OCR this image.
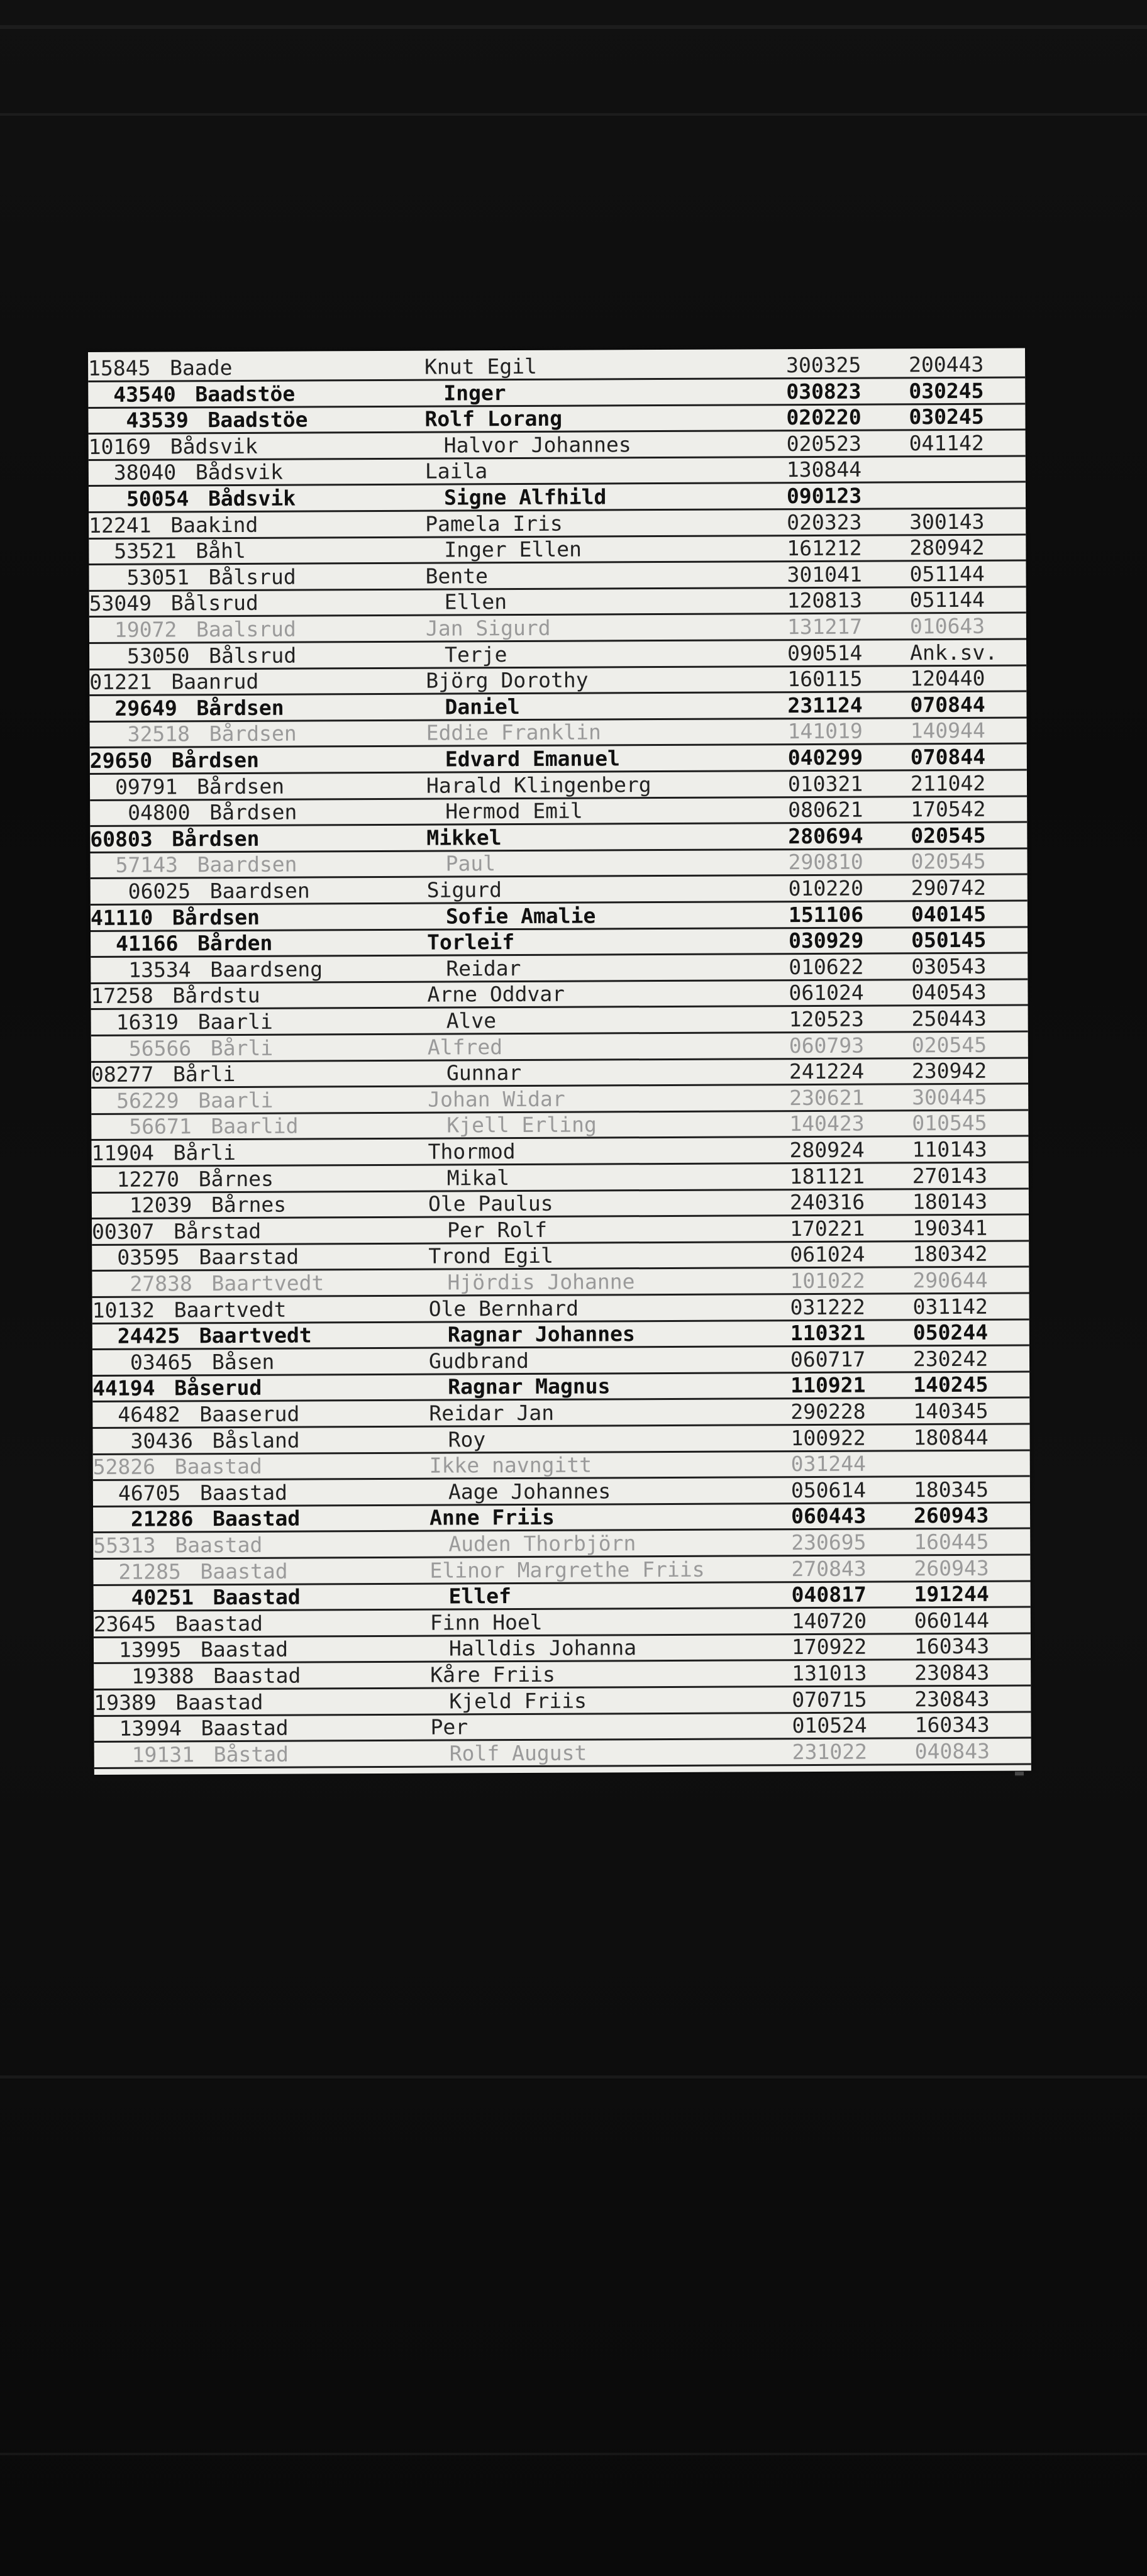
15845 Baade	Knut Egil	300325 200443
43540 Baadstöe	Inger	030823 030245
43539 Baadstöe	Rolf Lorang	020220 030245
10169 Bådsvik	Halvor Johannes	020523 041142
38040 Bådsvik	Laila	130844
50054 Bådsvik	Signe Alfhild	090123
12241 Baakind	Pamela Iris	020323 300143
53521 Båhl	Inger Ellen	161212 280942
53051 Bålsrud	Bente	301041 051144
53049 Bålsrud	Ellen	120813 051144
19072 Baalsrud	Jan Sigurd	131217 010643
53050 Bålsrud	Terje	090514 Ank.sv.
01221 Baanrud	Björg Dorothy	160115 120440
29649 Bårdsen	Daniel	231124 070844
32518 Bårdsen	Eddie Franklin	141019 140944
29650 Bårdsen	Edvard Emanuel	040299 070844
09791 Bårdsen	Harald Klingenberg	010321 211042
04800 Bårdsen	Hermod Emil	080621 170542
60803 Bårdsen	Mikkel	280694 020545
57143 Baardsen	Paul	290810 020545
06025 Baardsen	Sigurd	010220 290742
41110 Bårdsen	Sofie Amalie	151106 040145
41166 Bården	Torleif	030929 050145
13534 Baardseng	Reidar	010622 030543
17258 Bårdstu	Arne Oddvar	061024 040543
16319 Baarli	Alve	120523 250443
56566 Bårli	Alfred	060793 020545
08277 Bårli	Gunnar	241224 230942
56229 Baarli	Johan Widar	230621 300445
56671 Baarlid	Kjell Erling	140423 010545
11904 Bårli	Thormod	280924 110143
12270 Bårnes	Mikal	181121 270143
12039 Bårnes	Ole Paulus	240316 180143
00307 Bårstad	Per Rolf	170221 190341
03595 Baarstad	Trond Egil	061024 180342
27838 Baartvedt	Hjördis Johanne	101022 290644
10132 Baartvedt	Ole Bernhard	031222 031142
24425 Baartvedt	Ragnar Johannes	110321 050244
03465 Båsen	Gudbrand	060717 230242
44194 Båserud	Ragnar Magnus	110921 140245
46482 Baaserud	Reidar Jan	290228 140345
30436 Båsland	Roy	100922 180844
52826 Baastad	Ikke navngitt	031244
46705 Baastad	Aage Johannes	050614 180345
21286 Baastad	Anne Friis	060443 260943
55313 Baastad	Auden Thorbjörn	230695 160445
21285 Baastad	Elinor Margrethe Friis	270843 260943
40251 Baastad	Ellef	040817 191244
23645 Baastad	Finn Hoel	140720 060144
13995 Baastad	Halldis Johanna	170922 160343
19388 Baastad	Kåre Friis	131013 230843
19389 Baastad	Kjeld Friis	070715 230843
13994 Baastad	Per	010524 160343
19131 Båstad	Rolf August	231022 040843
